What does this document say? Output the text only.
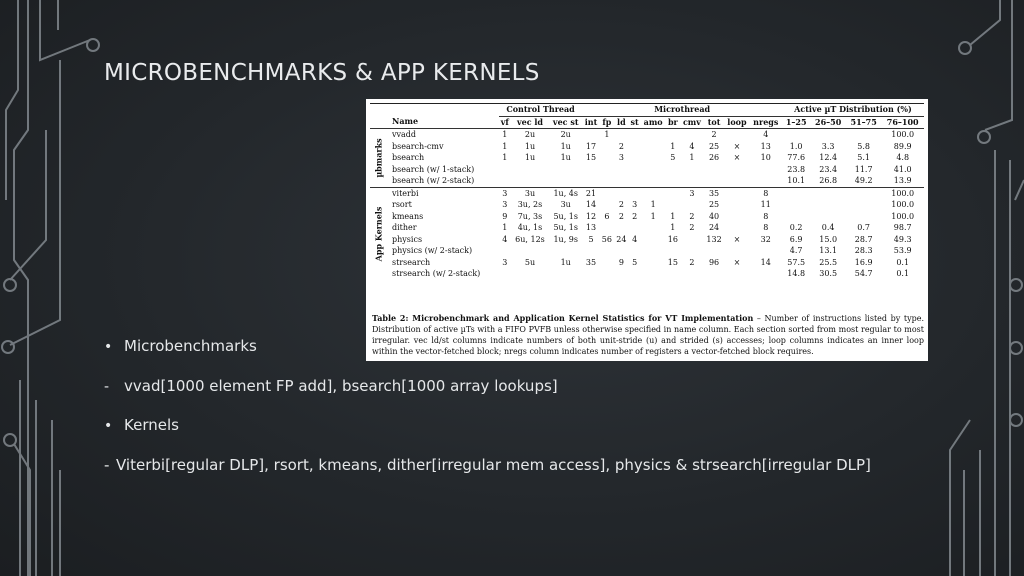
MICROBENCHMARKS & APP KERNELS
• Microbenchmarks
- vvad[1000 element FP add], bsearch[1000 array lookups]
• Kernels
- Viterbi[regular DLP], rsort, kmeans, dither[irregular mem access], physics & strsearch[irregular DLP]
		Control Thread			Microthread										Active µT Distribution (%)			
	Name	vf	vec ld	vec st	int	fp	ld	st	amo	br	cmv	tot	loop	nregs	1–25	26–50	51–75	76–100

µbmarks	vvadd	1	2u	2u		1						2		4				100.0
	bsearch-cmv	1	1u	1u	17		2			1	4	25	×	13	1.0	3.3	5.8	89.9
	bsearch	1	1u	1u	15		3			5	1	26	×	10	77.6	12.4	5.1	4.8
	bsearch (w/ 1-stack)														23.8	23.4	11.7	41.0
	bsearch (w/ 2-stack)														10.1	26.8	49.2	13.9

App Kernels	viterbi	3	3u	1u, 4s	21						3	35		8				100.0
	rsort	3	3u, 2s	3u	14		2	3	1			25		11				100.0
	kmeans	9	7u, 3s	5u, 1s	12	6	2	2	1	1	2	40		8				100.0
	dither	1	4u, 1s	5u, 1s	13					1	2	24		8	0.2	0.4	0.7	98.7
	physics	4	6u, 12s	1u, 9s	5	56	24	4		16		132	×	32	6.9	15.0	28.7	49.3
	physics (w/ 2-stack)														4.7	13.1	28.3	53.9
	strsearch	3	5u	1u	35		9	5		15	2	96	×	14	57.5	25.5	16.9	0.1
	strsearch (w/ 2-stack)														14.8	30.5	54.7	0.1
Table 2: Microbenchmark and Application Kernel Statistics for VT Implementation – Number of instructions listed by type. Distribution of active µTs with a FIFO PVFB unless otherwise specified in name column. Each section sorted from most regular to most irregular. vec ld/st columns indicate numbers of both unit-stride (u) and strided (s) accesses; loop columns indicates an inner loop within the vector-fetched block; nregs column indicates number of registers a vector-fetched block requires.
